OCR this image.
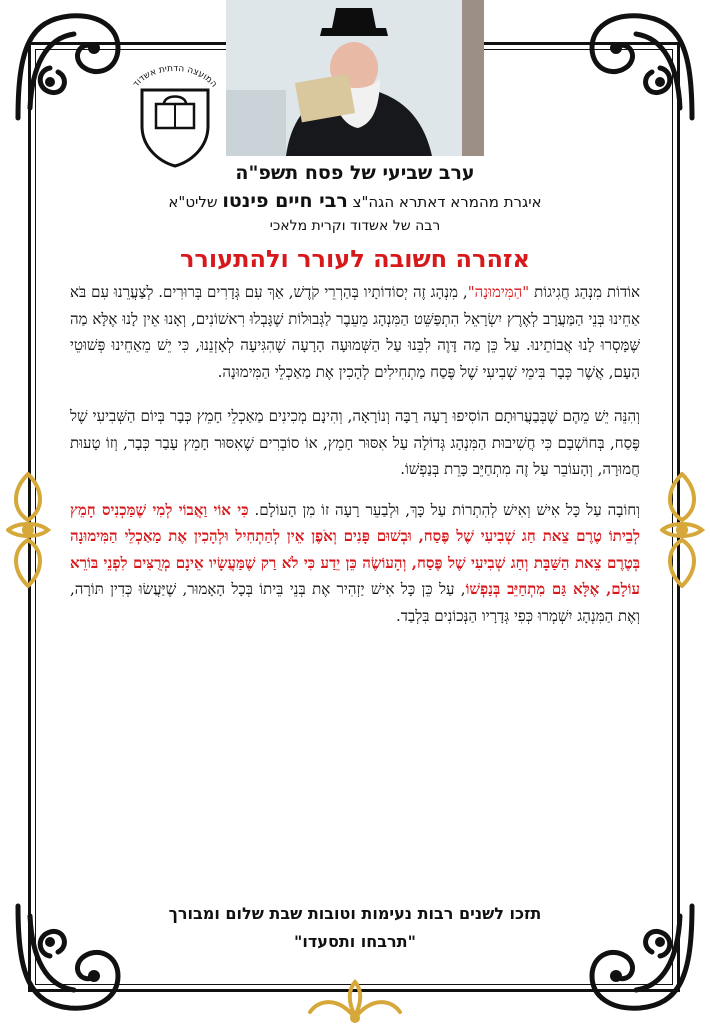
המועצה הדתית אשדוד

ערב שביעי של פסח תשפ"ה

איגרת מהמרא דאתרא הגה"צ רבי חיים פינטו שליט"א

רבה של אשדוד וקרית מלאכי

אזהרה חשובה לעורר ולהתעורר

אוֹדוֹת מִנְהַג חֲגִיגוֹת "הַמִּימוּנָה", מִנְהָג זֶה יְסוֹדוֹתָיו בְּהַרְרֵי קֹדֶשׁ, אַךְ עִם גְּדָרִים בְּרוּרִים. לְצַעֲרֵנוּ עִם בֹּא אַחֵינוּ בְּנֵי הַמַּעֲרָב לְאֶרֶץ יִשְׂרָאֵל הִתְפַּשֵּׁט הַמִּנְהָג מֵעֵבֶר לַגְּבוּלוֹת שֶׁגָּבְלוּ רִאשׁוֹנִים, וְאָנוּ אֵין לָנוּ אֶלָּא מַה שֶּׁמָּסְרוּ לָנוּ אֲבוֹתֵינוּ. עַל כֵּן מַה דָּוֶה לִבֵּנוּ עַל הַשְּׁמוּעָה הָרָעָה שֶׁהִגִּיעָה לְאָזְנֵנוּ, כִּי יֵשׁ מֵאַחֵינוּ פְּשׁוּטֵי הָעָם, אֲשֶׁר כְּבָר בִּימֵי שְׁבִיעִי שֶׁל פֶּסַח מַתְחִילִים לְהָכִין אֶת מַאַכְלֵי הַמִּימוּנָה.

וְהִנֵּה יֵשׁ מֵהֶם שֶׁבְּבַעֲרוּתָם הוֹסִיפוּ רָעָה רַבָּה וְנוֹרָאָה, וְהִינָם מְכִינִים מַאַכְלֵי חָמֵץ כְּבָר בְּיוֹם הַשְּׁבִיעִי שֶׁל פֶּסַח, בְּחוֹשְׁבָם כִּי חֲשִׁיבוּת הַמִּנְהָג גְּדוֹלָה עַל אִסּוּר חָמֵץ, אוֹ סוֹבְרִים שֶׁאִסּוּר חָמֵץ עָבַר כְּבָר, וְזוֹ טָעוּת חֲמוּרָה, וְהָעוֹבֵר עַל זֶה מִתְחַיֵּב כָּרֵת בְּנַפְשׁוֹ.

וְחוֹבָה עַל כָּל אִישׁ וְאִישׁ לְהִתְרוֹת עַל כָּךְ, וּלְבַעֵר רָעָה זוֹ מִן הָעוֹלָם. כִּי אוֹי וַאֲבוֹי לְמִי שֶׁמַּכְנִיס חָמֵץ לְבֵיתוֹ טֶרֶם צֵאת חַג שְׁבִיעִי שֶׁל פֶּסַח, וּבְשׁוּם פָּנִים וְאֹפֶן אֵין לְהַתְחִיל וּלְהָכִין אֶת מַאַכְלֵי הַמִּימוּנָה בְּטֶרֶם צֵאת הַשַּׁבָּת וְחַג שְׁבִיעִי שֶׁל פֶּסַח, וְהָעוֹשֶׂה כֵּן יֵדַע כִּי לֹא רַק שֶׁמַּעֲשָׂיו אֵינָם מְרֻצִּים לִפְנֵי בּוֹרֵא עוֹלָם, אֶלָּא גַּם מִתְחַיֵּב בְּנַפְשׁוֹ, עַל כֵּן כָּל אִישׁ יַזְהִיר אֶת בְּנֵי בֵּיתוֹ בְּכָל הָאָמוּר, שֶׁיַּעֲשׂוּ כְּדִין תּוֹרָה, וְאֶת הַמִּנְהָג יִשְׁמְרוּ כְּפִי גְּדָרָיו הַנְּכוֹנִים בִּלְבַד.

תזכו לשנים רבות נעימות וטובות שבת שלום ומבורך
"תרבחו ותסעדו"
